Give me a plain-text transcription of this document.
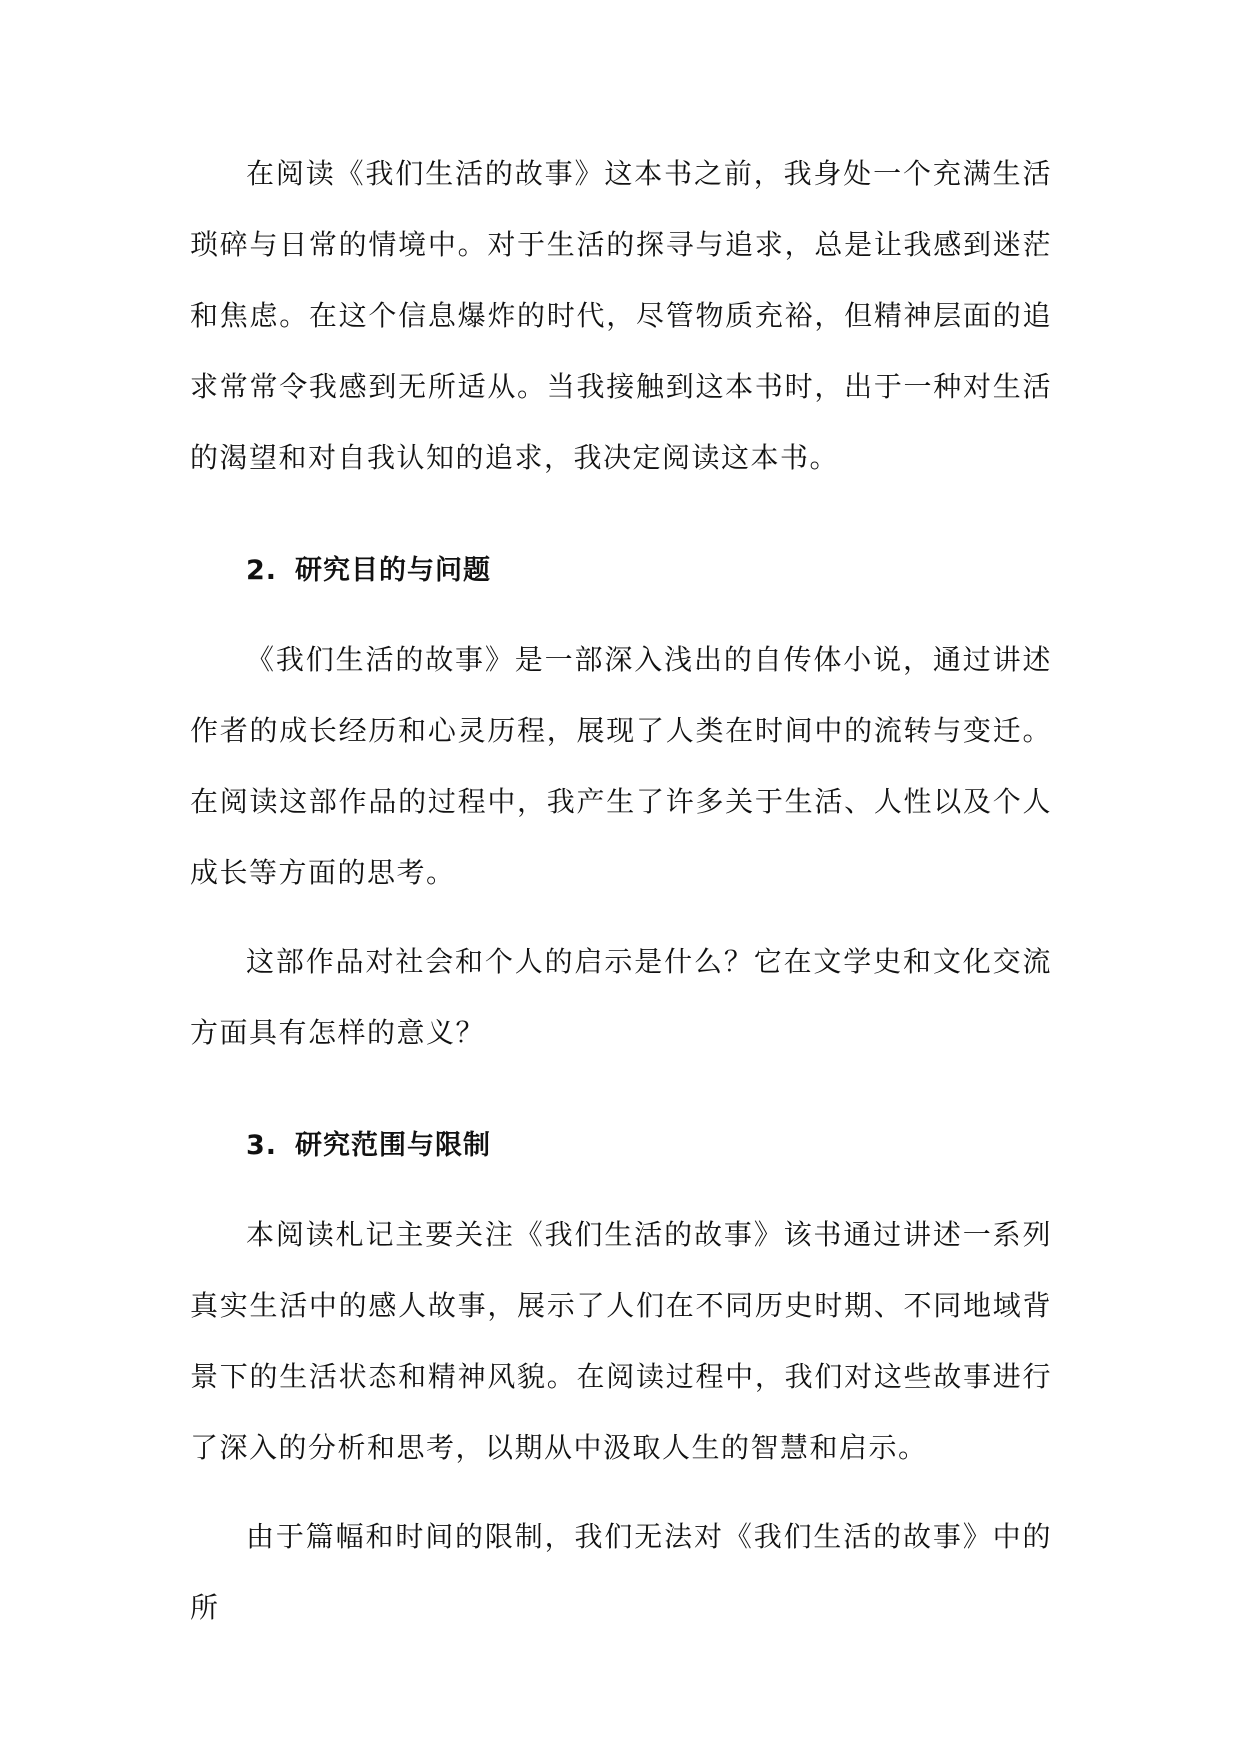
在阅读《我们生活的故事》这本书之前，我身处一个充满生活琐碎与日常的情境中。对于生活的探寻与追求，总是让我感到迷茫和焦虑。在这个信息爆炸的时代，尽管物质充裕，但精神层面的追求常常令我感到无所适从。当我接触到这本书时，出于一种对生活的渴望和对自我认知的追求，我决定阅读这本书。

2. 研究目的与问题

《我们生活的故事》是一部深入浅出的自传体小说，通过讲述作者的成长经历和心灵历程，展现了人类在时间中的流转与变迁。在阅读这部作品的过程中，我产生了许多关于生活、人性以及个人成长等方面的思考。

这部作品对社会和个人的启示是什么？它在文学史和文化交流方面具有怎样的意义？

3. 研究范围与限制

本阅读札记主要关注《我们生活的故事》该书通过讲述一系列真实生活中的感人故事，展示了人们在不同历史时期、不同地域背景下的生活状态和精神风貌。在阅读过程中，我们对这些故事进行了深入的分析和思考，以期从中汲取人生的智慧和启示。

由于篇幅和时间的限制，我们无法对《我们生活的故事》中的所
